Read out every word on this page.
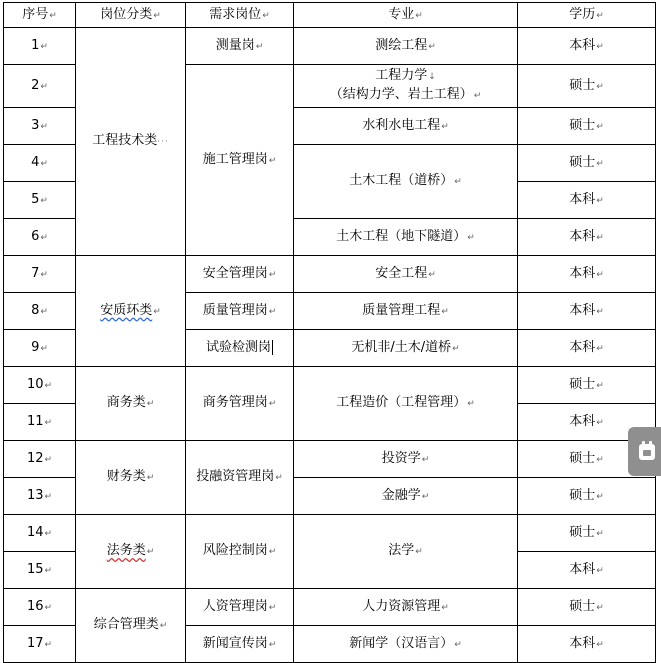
序号↵	岗位分类↵	需求岗位↵	专业↵	学历↵
1↵	工程技术类···	测量岗↵	测绘工程↵	本科↵
2↵		施工管理岗↵	工程力学↓
（结构力学、岩土工程）↵	硕士↵
3↵			水利水电工程↵	硕士↵
4↵			土木工程（道桥）↵	硕士↵
5↵				本科↵
6↵			土木工程（地下隧道）↵	本科↵
7↵	安质环类↵	安全管理岗↵	安全工程↵	本科↵
8↵		质量管理岗↵	质量管理工程↵	本科↵
9↵		试验检测岗	无机非/土木/道桥↵	本科↵
10↵	商务类↵	商务管理岗↵	工程造价（工程管理）↵	硕士↵
11↵				本科↵
12↵	财务类↵	投融资管理岗↵	投资学↵	硕士↵
13↵			金融学↵	硕士↵
14↵	法务类↵	风险控制岗↵	法学↵	硕士↵
15↵				本科↵
16↵	综合管理类↵	人资管理岗↵	人力资源管理↵	硕士↵
17↵		新闻宣传岗↵	新闻学（汉语言）↵	本科↵
